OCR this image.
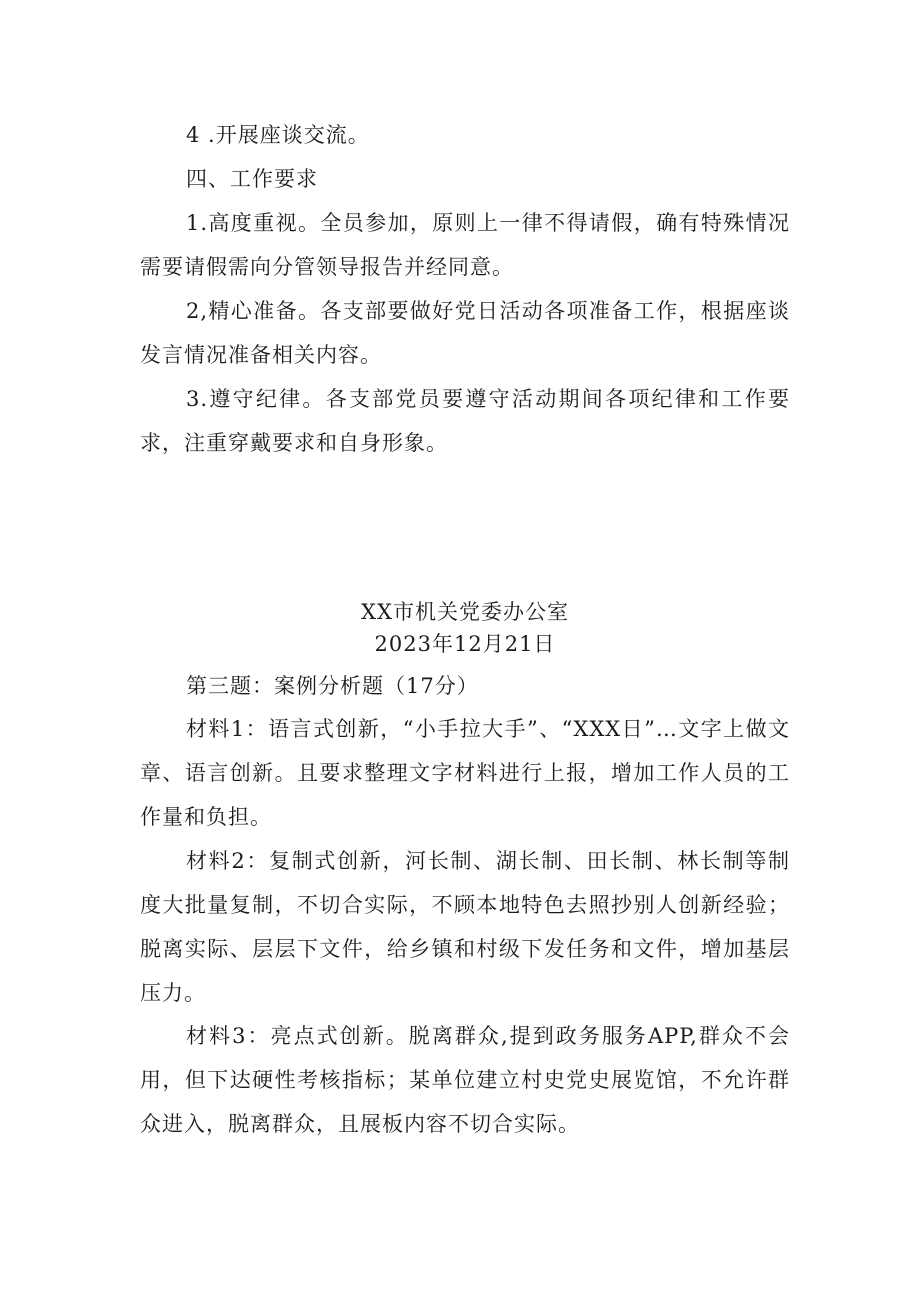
4 .开展座谈交流。

四、工作要求

1.高度重视。全员参加，原则上一律不得请假，确有特殊情况需要请假需向分管领导报告并经同意。

2,精心准备。各支部要做好党日活动各项准备工作，根据座谈发言情况准备相关内容。

3.遵守纪律。各支部党员要遵守活动期间各项纪律和工作要求，注重穿戴要求和自身形象。

XX市机关党委办公室

2023年12月21日

第三题：案例分析题（17分）

材料1：语言式创新，“小手拉大手”、“XXX日”…文字上做文章、语言创新。且要求整理文字材料进行上报，增加工作人员的工作量和负担。

材料2：复制式创新，河长制、湖长制、田长制、林长制等制度大批量复制，不切合实际，不顾本地特色去照抄别人创新经验；脱离实际、层层下文件，给乡镇和村级下发任务和文件，增加基层压力。

材料3：亮点式创新。脱离群众,提到政务服务APP,群众不会用，但下达硬性考核指标；某单位建立村史党史展览馆，不允许群众进入，脱离群众，且展板内容不切合实际。
